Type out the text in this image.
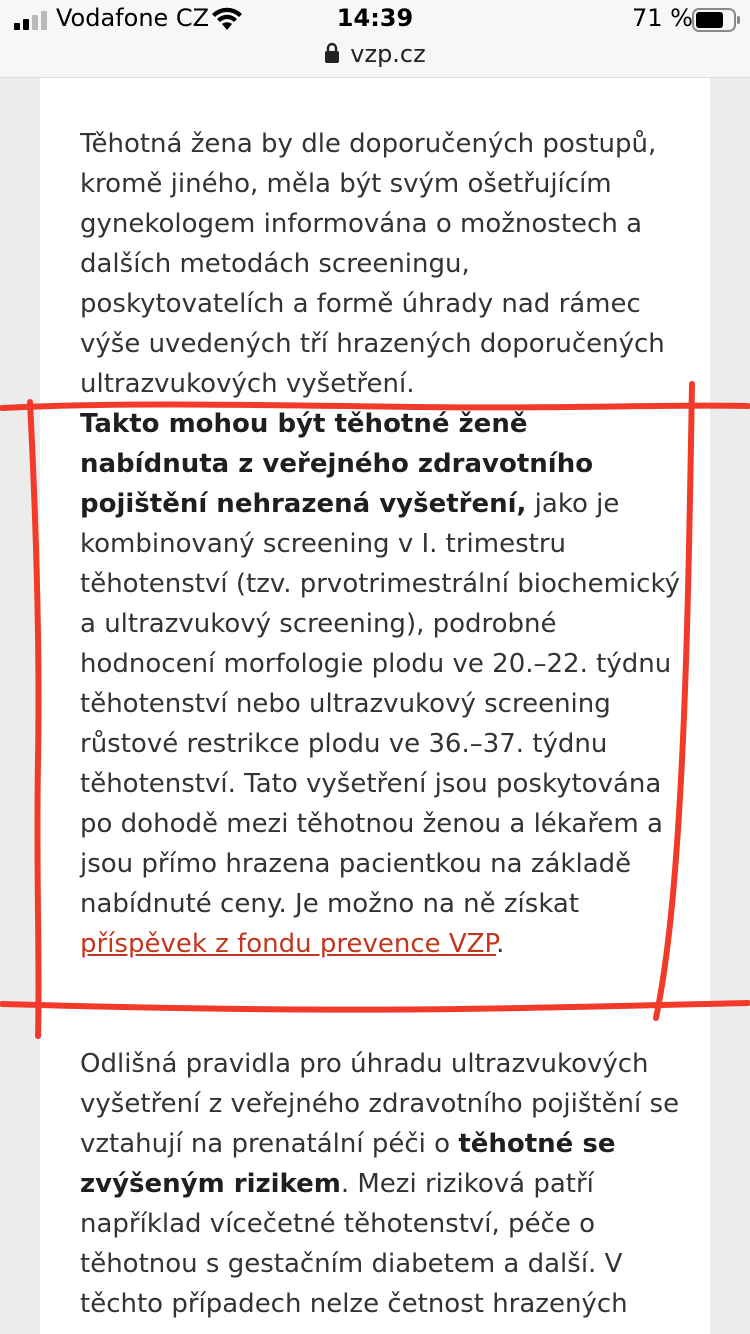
Vodafone CZ	14:39	71 %
vzp.cz

Těhotná žena by dle doporučených postupů, kromě jiného, měla být svým ošetřujícím gynekologem informována o možnostech a dalších metodách screeningu, poskytovatelích a formě úhrady nad rámec výše uvedených tří hrazených doporučených ultrazvukových vyšetření.

Takto mohou být těhotné ženě nabídnuta z veřejného zdravotního pojištění nehrazená vyšetření, jako je kombinovaný screening v I. trimestru těhotenství (tzv. prvotrimestrální biochemický a ultrazvukový screening), podrobné hodnocení morfologie plodu ve 20.–22. týdnu těhotenství nebo ultrazvukový screening růstové restrikce plodu ve 36.–37. týdnu těhotenství. Tato vyšetření jsou poskytována po dohodě mezi těhotnou ženou a lékařem a jsou přímo hrazena pacientkou na základě nabídnuté ceny. Je možno na ně získat příspěvek z fondu prevence VZP.

Odlišná pravidla pro úhradu ultrazvukových vyšetření z veřejného zdravotního pojištění se vztahují na prenatální péči o těhotné se zvýšeným rizikem. Mezi riziková patří například vícečetné těhotenství, péče o těhotnou s gestačním diabetem a další. V těchto případech nelze četnost hrazených
